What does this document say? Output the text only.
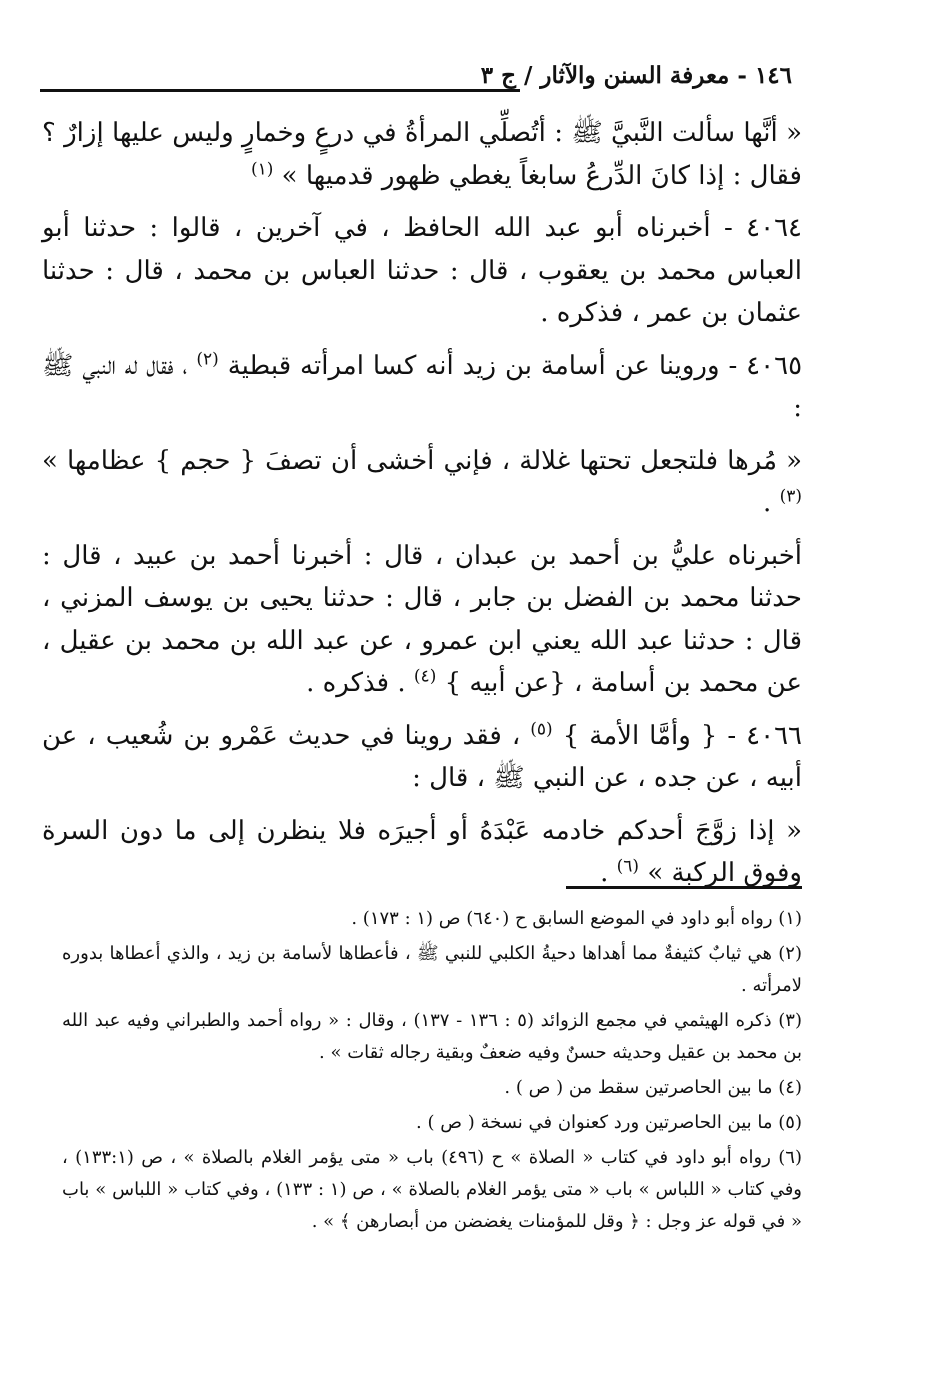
١٤٦ - معرفة السنن والآثار / ج ٣

« أنَّها سألت النَّبيَّ ﷺ : أتُصلِّي المرأةُ في درعٍ وخمارٍ وليس عليها إزارٌ ؟ فقال : إذا كانَ الدِّرعُ سابغاً يغطي ظهور قدميها » $^{(١)}$

٤٠٦٤ - أخبرناه أبو عبد الله الحافظ ، في آخرين ، قالوا : حدثنا أبو العباس محمد بن يعقوب ، قال : حدثنا العباس بن محمد ، قال : حدثنا عثمان بن عمر ، فذكره .

٤٠٦٥ - وروينا عن أسامة بن زيد أنه كسا امرأته قبطية $^{(٢)}$ ، فقال له النبي ﷺ :

« مُرها فلتجعل تحتها غلالة ، فإني أخشى أن تصفَ { حجم } عظامها » $^{(٣)}$ .

أخبرناه عليُّ بن أحمد بن عبدان ، قال : أخبرنا أحمد بن عبيد ، قال : حدثنا محمد بن الفضل بن جابر ، قال : حدثنا يحيى بن يوسف المزني ، قال : حدثنا عبد الله يعني ابن عمرو ، عن عبد الله بن محمد بن عقيل ، عن محمد بن أسامة ، {عن أبيه } $^{(٤)}$ . فذكره .

٤٠٦٦ - { وأمَّا الأمة } $^{(٥)}$ ، فقد روينا في حديث عَمْرو بن شُعيب ، عن أبيه ، عن جده ، عن النبي ﷺ ، قال :

« إذا زوَّجَ أحدكم خادمه عَبْدَهُ أو أجيرَه فلا ينظرن إلى ما دون السرة وفوق الركبة » $^{(٦)}$ .

(١) رواه أبو داود في الموضع السابق ح (٦٤٠) ص (١ : ١٧٣) .

(٢) هي ثيابٌ كثيفةٌ مما أهداها دحيةُ الكلبي للنبي ﷺ ، فأعطاها لأسامة بن زيد ، والذي أعطاها بدوره لامرأته .

(٣) ذكره الهيثمي في مجمع الزوائد (٥ : ١٣٦ - ١٣٧) ، وقال : « رواه أحمد والطبراني وفيه عبد الله بن محمد بن عقيل وحديثه حسنٌ وفيه ضعفٌ وبقية رجاله ثقات » .

(٤) ما بين الحاصرتين سقط من ( ص ) .

(٥) ما بين الحاصرتين ورد كعنوان في نسخة ( ص ) .

(٦) رواه أبو داود في كتاب « الصلاة » ح (٤٩٦) باب « متى يؤمر الغلام بالصلاة » ، ص (١٣٣:١) ، وفي كتاب « اللباس » باب « متى يؤمر الغلام بالصلاة » ، ص (١ : ١٣٣) ، وفي كتاب « اللباس » باب « في قوله عز وجل : ﴿ وقل للمؤمنات يغضضن من أبصارهن ﴾ » .
